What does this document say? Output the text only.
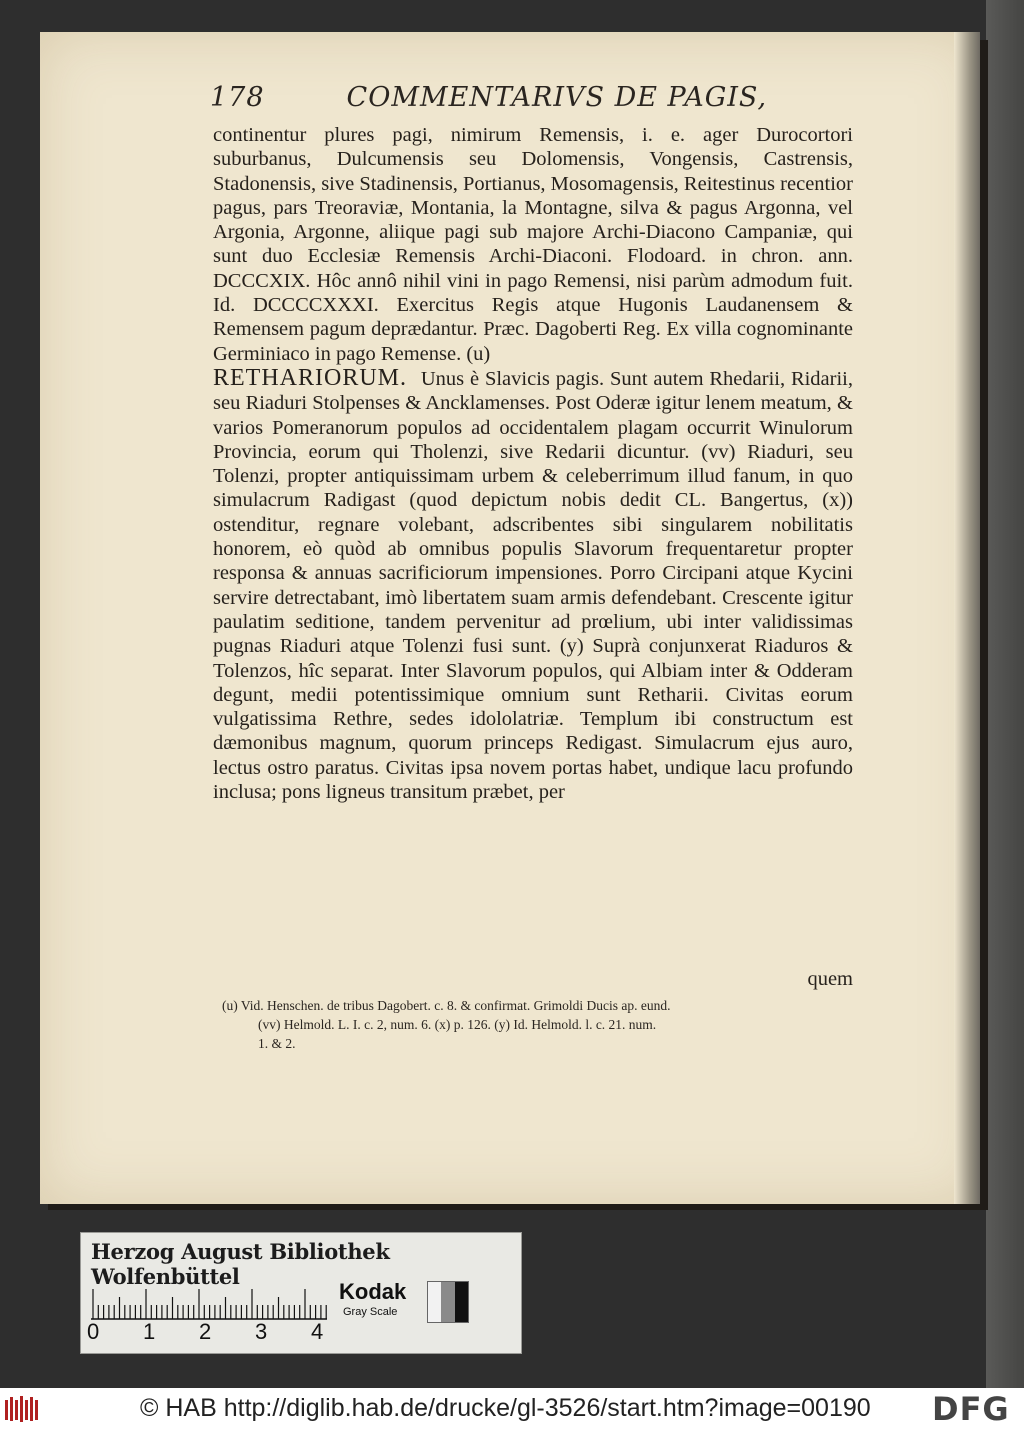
178	COMMENTARIVS DE PAGIS,

continentur plures pagi, nimirum Remensis, i. e. ager Durocortori suburbanus, Dulcumensis seu Dolomensis, Vongensis, Castrensis, Stadonensis, sive Stadinensis, Portianus, Mosomagensis, Reitestinus recentior pagus, pars Treoraviæ, Montania, la Montagne, silva & pagus Argonna, vel Argonia, Argonne, aliique pagi sub majore Archi-Diacono Campaniæ, qui sunt duo Ecclesiæ Remensis Archi-Diaconi. Flodoard. in chron. ann. DCCCXIX. Hôc annô nihil vini in pago Remensi, nisi parùm admodum fuit. Id. DCCCCXXXI. Exercitus Regis atque Hugonis Laudanensem & Remensem pagum deprædantur. Præc. Dagoberti Reg. Ex villa cognominante Germiniaco in pago Remense. (u)

RETHARIORUM. Unus è Slavicis pagis. Sunt autem Rhedarii, Ridarii, seu Riaduri Stolpenses & Ancklamenses. Post Oderæ igitur lenem meatum, & varios Pomeranorum populos ad occidentalem plagam occurrit Winulorum Provincia, eorum qui Tholenzi, sive Redarii dicuntur. (vv) Riaduri, seu Tolenzi, propter antiquissimam urbem & celeberrimum illud fanum, in quo simulacrum Radigast (quod depictum nobis dedit CL. Bangertus, (x)) ostenditur, regnare volebant, adscribentes sibi singularem nobilitatis honorem, eò quòd ab omnibus populis Slavorum frequentaretur propter responsa & annuas sacrificiorum impensiones. Porro Circipani atque Kycini servire detrectabant, imò libertatem suam armis defendebant. Crescente igitur paulatim seditione, tandem pervenitur ad prœlium, ubi inter validissimas pugnas Riaduri atque Tolenzi fusi sunt. (y) Suprà conjunxerat Riaduros & Tolenzos, hîc separat. Inter Slavorum populos, qui Albiam inter & Odderam degunt, medii potentissimique omnium sunt Retharii. Civitas eorum vulgatissima Rethre, sedes idololatriæ. Templum ibi constructum est dæmonibus magnum, quorum princeps Redigast. Simulacrum ejus auro, lectus ostro paratus. Civitas ipsa novem portas habet, undique lacu profundo inclusa; pons ligneus transitum præbet, per

quem

(u) Vid. Henschen. de tribus Dagobert. c. 8. & confirmat. Grimoldi Ducis ap. eund.

(vv) Helmold. L. I. c. 2, num. 6. (x) p. 126. (y) Id. Helmold. l. c. 21. num.

1. & 2.

Herzog August Bibliothek Wolfenbüttel
0 1 2 3 4
Kodak
Gray Scale
© HAB http://diglib.hab.de/drucke/gl-3526/start.htm?image=00190	DFG
